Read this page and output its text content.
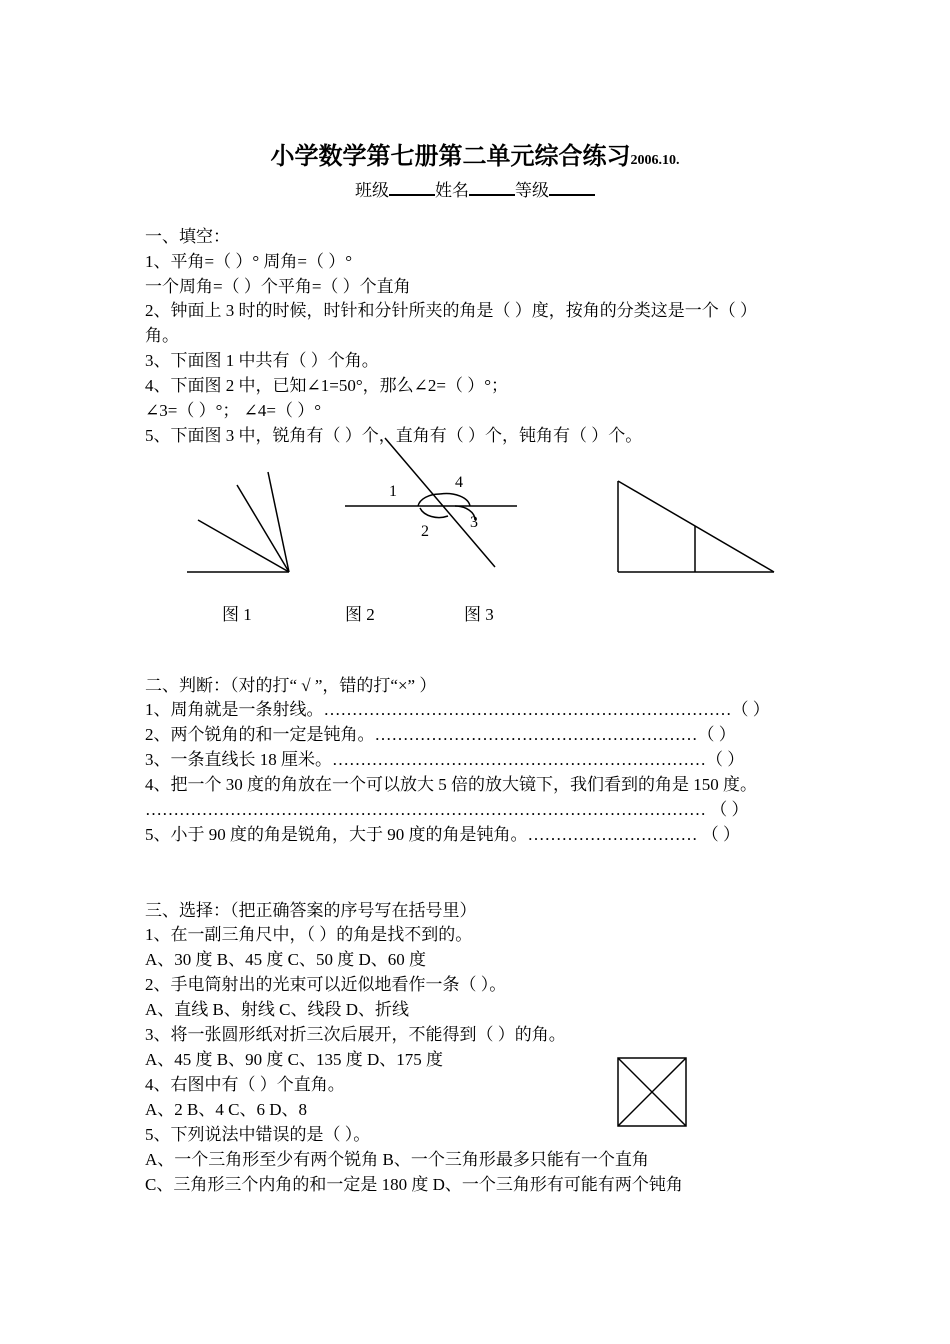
小学数学第七册第二单元综合练习2006.10.
班级	姓名	等级
一、填空：
1、平角=（ ）° 周角=（ ）°
一个周角=（ ）个平角=（ ）个直角
2、钟面上 3 时的时候，时针和分针所夹的角是（ ）度，按角的分类这是一个（ ）
角。
3、下面图 1 中共有（ ）个角。
4、下面图 2 中，已知∠1=50°，那么∠2=（ ）°；
∠3=（ ）°； ∠4=（ ）°
5、下面图 3 中，锐角有（ ）个，直角有（ ）个，钝角有（ ）个。
1
4
2
3
图 1	图 2	图 3
二、判断：（对的打“ √ ”，错的打“×” ）
1、周角就是一条射线。………………………………………………………………（ ）
2、两个锐角的和一定是钝角。…………………………………………………（ ）
3、一条直线长 18 厘米。…………………………………………………………（ ）
4、把一个 30 度的角放在一个可以放大 5 倍的放大镜下，我们看到的角是 150 度。
……………………………………………………………………………………… （ ）
5、小于 90 度的角是锐角，大于 90 度的角是钝角。………………………… （ ）
三、选择：（把正确答案的序号写在括号里）
1、在一副三角尺中，（ ）的角是找不到的。
A、30 度 B、45 度 C、50 度 D、60 度
2、手电筒射出的光束可以近似地看作一条（ ）。
A、直线 B、射线 C、线段 D、折线
3、将一张圆形纸对折三次后展开，不能得到（ ）的角。
A、45 度 B、90 度 C、135 度 D、175 度
4、右图中有（ ）个直角。
A、2 B、4 C、6 D、8
5、下列说法中错误的是（ ）。
A、一个三角形至少有两个锐角 B、一个三角形最多只能有一个直角
C、三角形三个内角的和一定是 180 度 D、一个三角形有可能有两个钝角
